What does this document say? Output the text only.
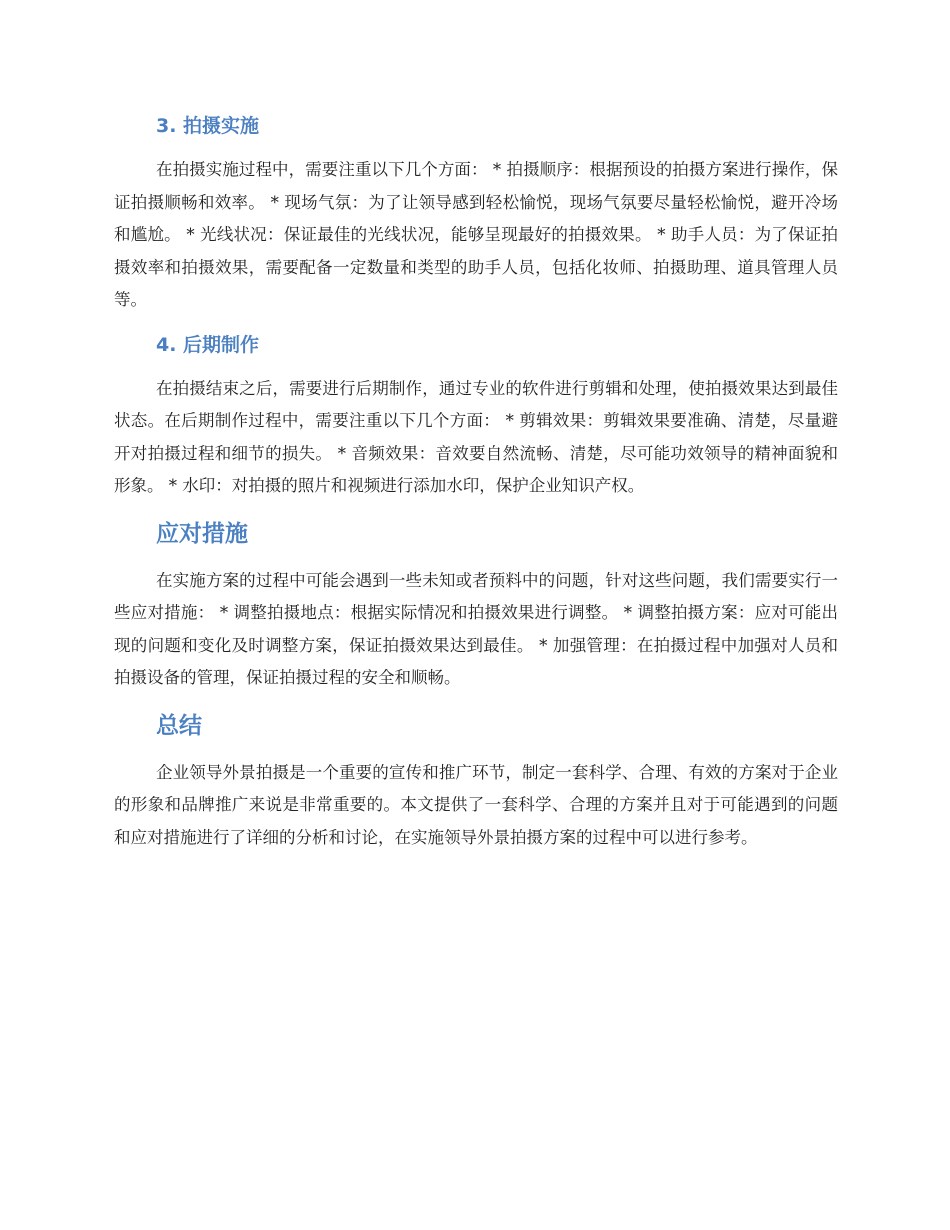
3. 拍摄实施

在拍摄实施过程中，需要注重以下几个方面： * 拍摄顺序：根据预设的拍摄方案进行操作，保证拍摄顺畅和效率。 * 现场气氛：为了让领导感到轻松愉悦，现场气氛要尽量轻松愉悦，避开冷场和尴尬。 * 光线状况：保证最佳的光线状况，能够呈现最好的拍摄效果。 * 助手人员：为了保证拍摄效率和拍摄效果，需要配备一定数量和类型的助手人员，包括化妆师、拍摄助理、道具管理人员等。

4. 后期制作

在拍摄结束之后，需要进行后期制作，通过专业的软件进行剪辑和处理，使拍摄效果达到最佳状态。在后期制作过程中，需要注重以下几个方面： * 剪辑效果：剪辑效果要准确、清楚，尽量避开对拍摄过程和细节的损失。 * 音频效果：音效要自然流畅、清楚，尽可能功效领导的精神面貌和形象。 * 水印：对拍摄的照片和视频进行添加水印，保护企业知识产权。

应对措施

在实施方案的过程中可能会遇到一些未知或者预料中的问题，针对这些问题，我们需要实行一些应对措施： * 调整拍摄地点：根据实际情况和拍摄效果进行调整。 * 调整拍摄方案：应对可能出现的问题和变化及时调整方案，保证拍摄效果达到最佳。 * 加强管理：在拍摄过程中加强对人员和拍摄设备的管理，保证拍摄过程的安全和顺畅。

总结

企业领导外景拍摄是一个重要的宣传和推广环节，制定一套科学、合理、有效的方案对于企业的形象和品牌推广来说是非常重要的。本文提供了一套科学、合理的方案并且对于可能遇到的问题和应对措施进行了详细的分析和讨论，在实施领导外景拍摄方案的过程中可以进行参考。
